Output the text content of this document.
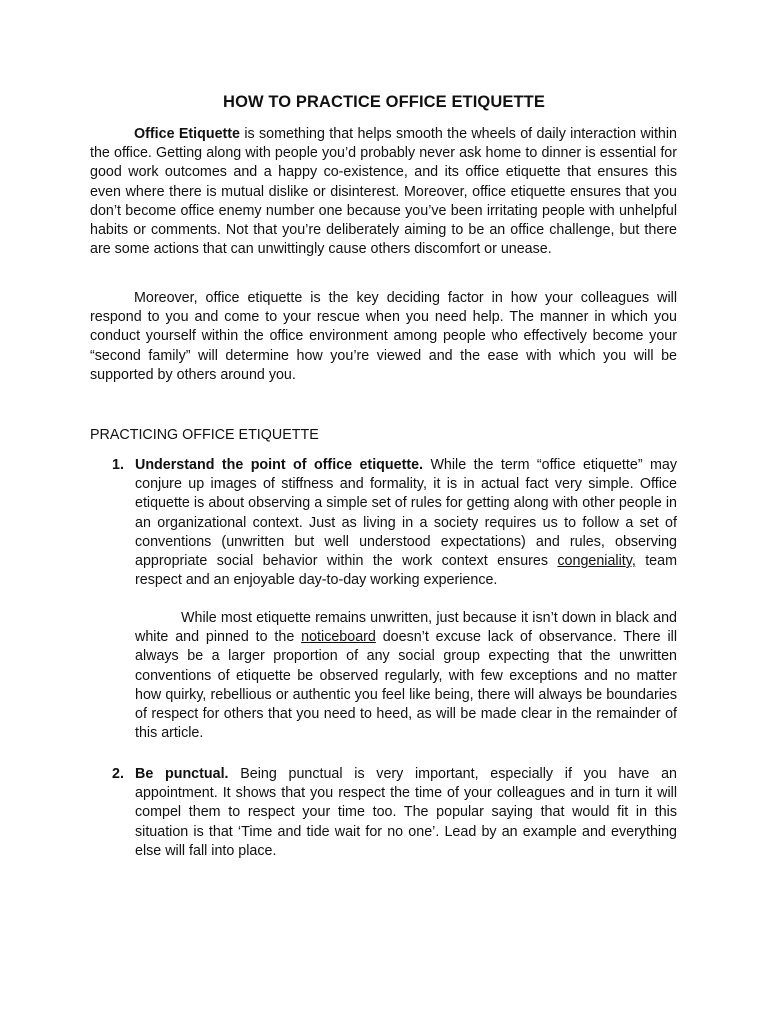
HOW TO PRACTICE OFFICE ETIQUETTE

Office Etiquette is something that helps smooth the wheels of daily interaction within the office. Getting along with people you’d probably never ask home to dinner is essential for good work outcomes and a happy co-existence, and its office etiquette that ensures this even where there is mutual dislike or disinterest. Moreover, office etiquette ensures that you don’t become office enemy number one because you’ve been irritating people with unhelpful habits or comments. Not that you’re deliberately aiming to be an office challenge, but there are some actions that can unwittingly cause others discomfort or unease.

Moreover, office etiquette is the key deciding factor in how your colleagues will respond to you and come to your rescue when you need help. The manner in which you conduct yourself within the office environment among people who effectively become your “second family” will determine how you’re viewed and the ease with which you will be supported by others around you.

PRACTICING OFFICE ETIQUETTE
1. Understand the point of office etiquette. While the term “office etiquette” may conjure up images of stiffness and formality, it is in actual fact very simple. Office etiquette is about observing a simple set of rules for getting along with other people in an organizational context. Just as living in a society requires us to follow a set of conventions (unwritten but well understood expectations) and rules, observing appropriate social behavior within the work context ensures congeniality, team respect and an enjoyable day-to-day working experience.
While most etiquette remains unwritten, just because it isn’t down in black and white and pinned to the noticeboard doesn’t excuse lack of observance. There ill always be a larger proportion of any social group expecting that the unwritten conventions of etiquette be observed regularly, with few exceptions and no matter how quirky, rebellious or authentic you feel like being, there will always be boundaries of respect for others that you need to heed, as will be made clear in the remainder of this article.
2. Be punctual. Being punctual is very important, especially if you have an appointment. It shows that you respect the time of your colleagues and in turn it will compel them to respect your time too. The popular saying that would fit in this situation is that ‘Time and tide wait for no one’. Lead by an example and everything else will fall into place.
